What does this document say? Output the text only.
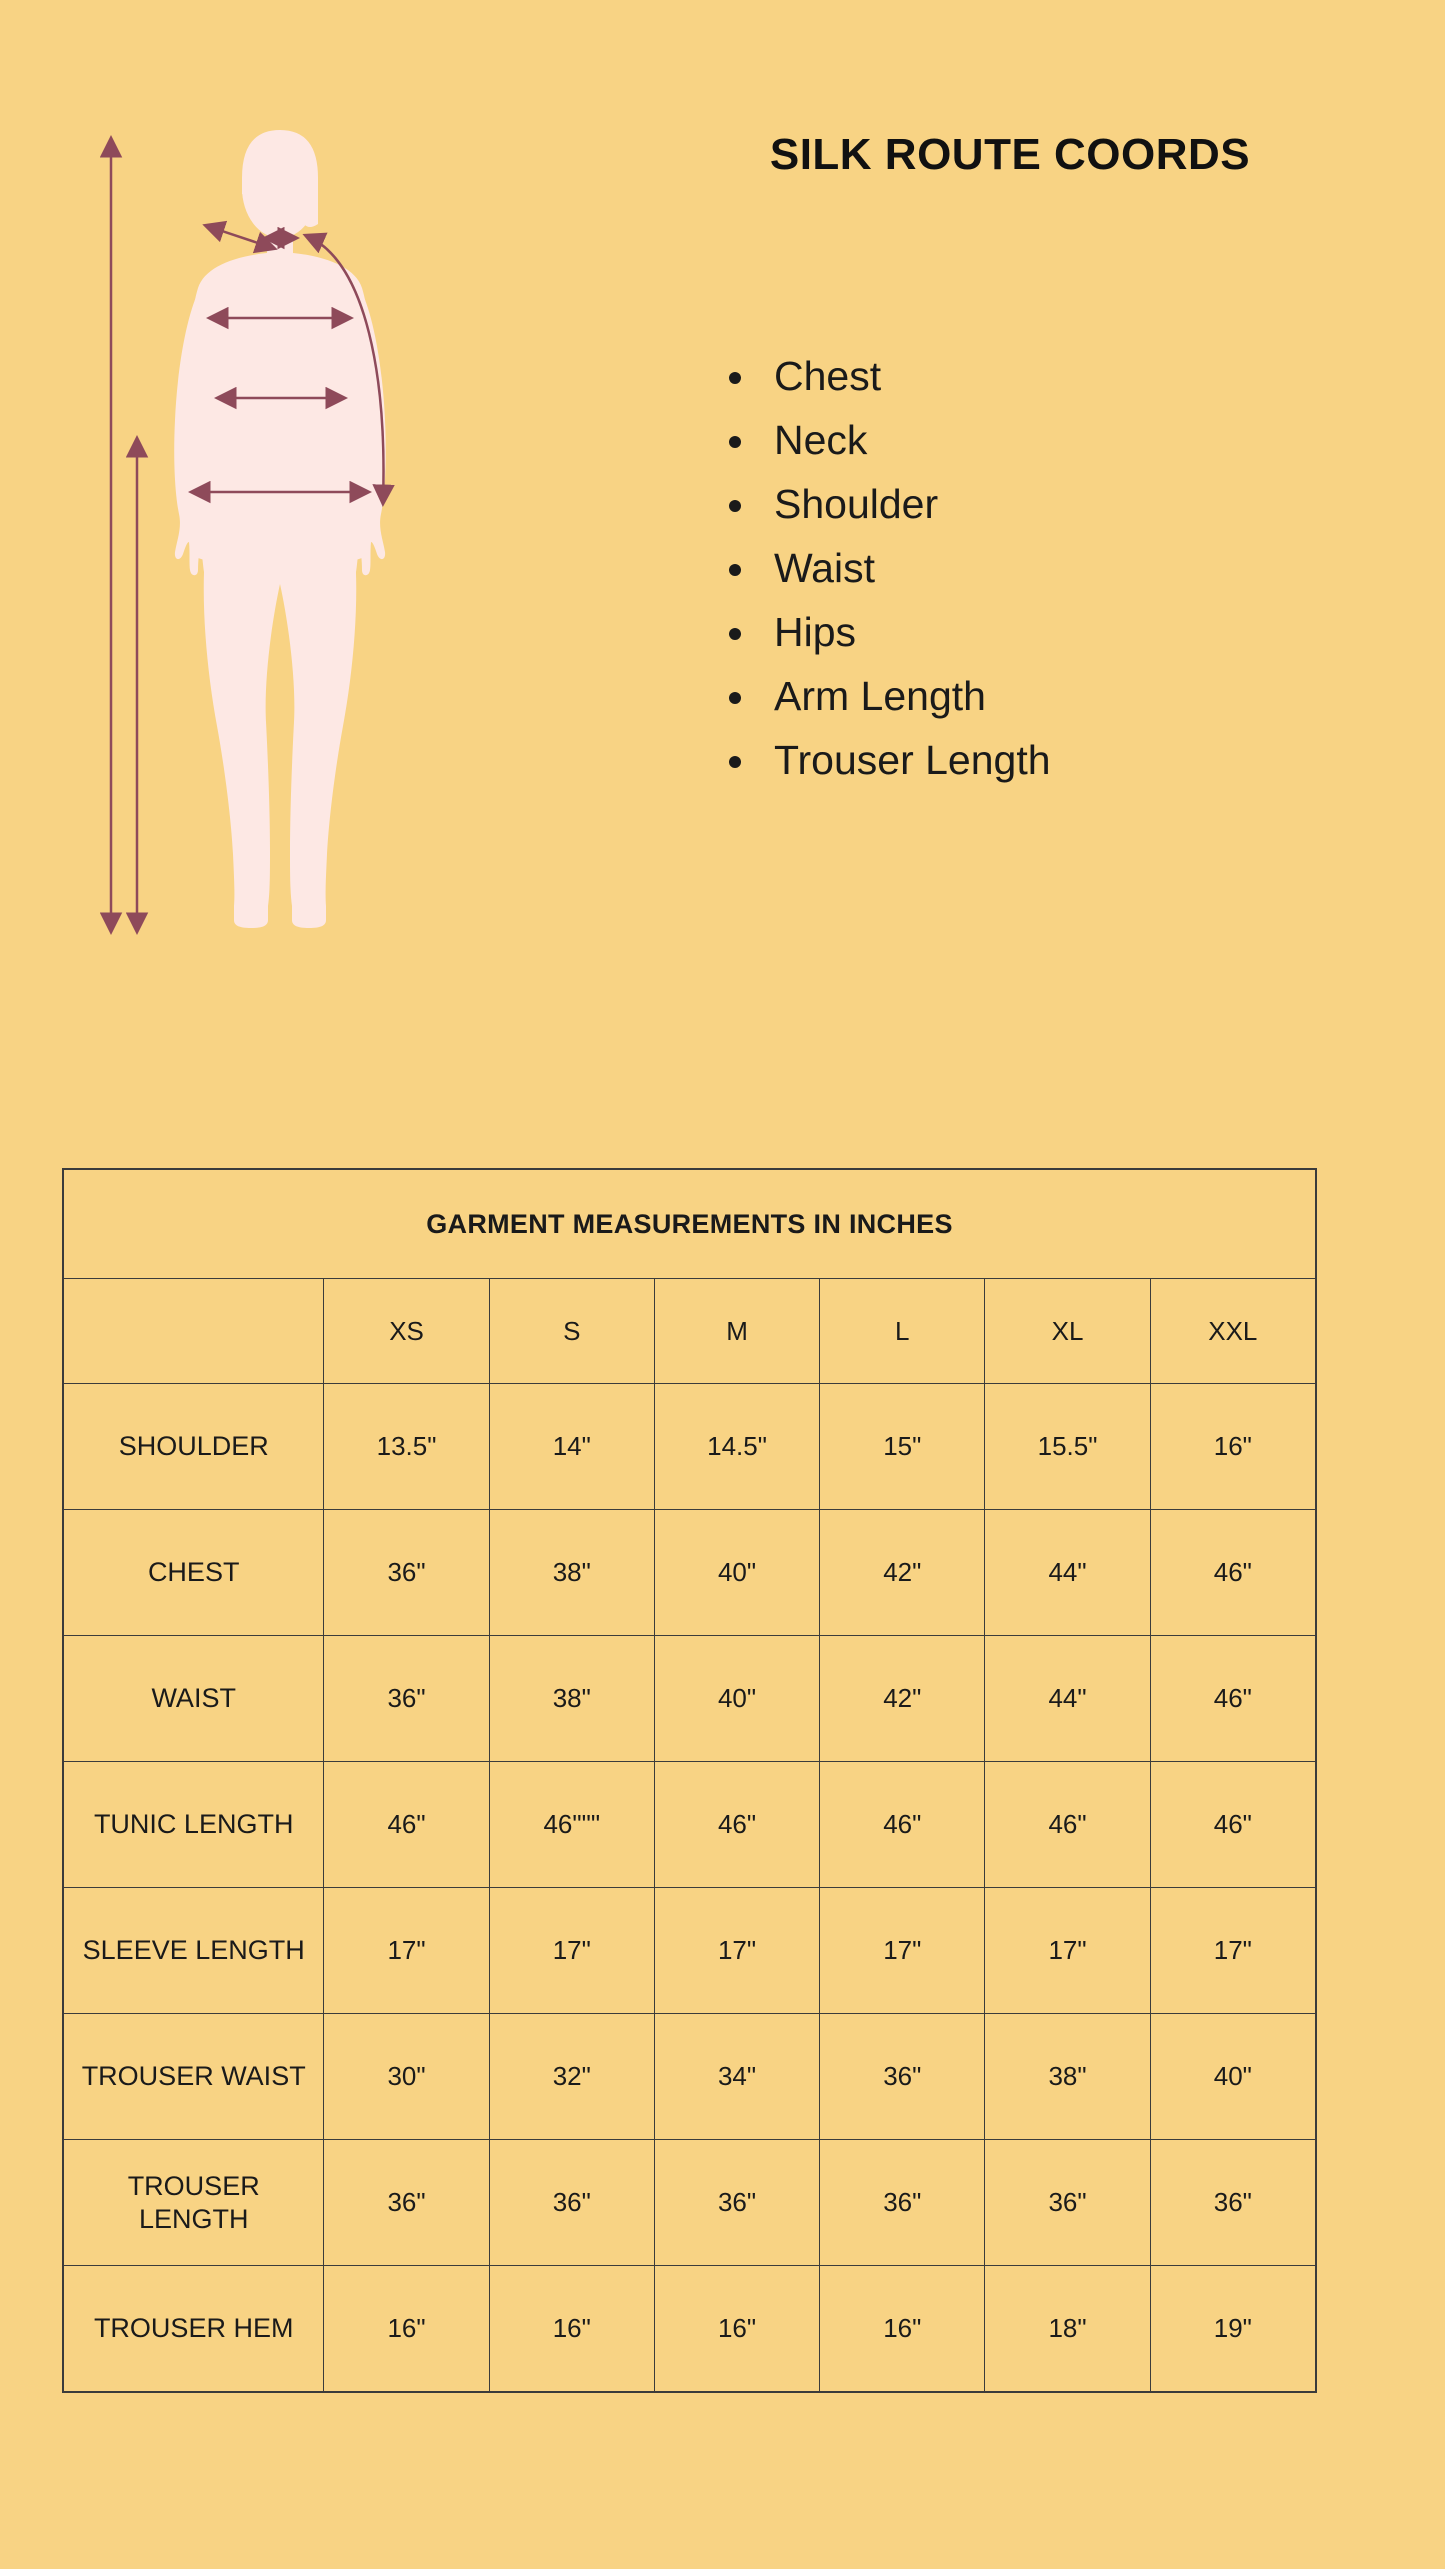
SILK ROUTE COORDS
• Chest
• Neck
• Shoulder
• Waist
• Hips
• Arm Length
• Trouser Length
GARMENT MEASUREMENTS IN INCHES						
	XS	S	M	L	XL	XXL
SHOULDER	13.5"	14"	14.5"	15"	15.5"	16"
CHEST	36"	38"	40"	42"	44"	46"
WAIST	36"	38"	40"	42"	44"	46"
TUNIC LENGTH	46"	46"""	46"	46"	46"	46"
SLEEVE LENGTH	17"	17"	17"	17"	17"	17"
TROUSER WAIST	30"	32"	34"	36"	38"	40"
TROUSER LENGTH	36"	36"	36"	36"	36"	36"
TROUSER HEM	16"	16"	16"	16"	18"	19"
